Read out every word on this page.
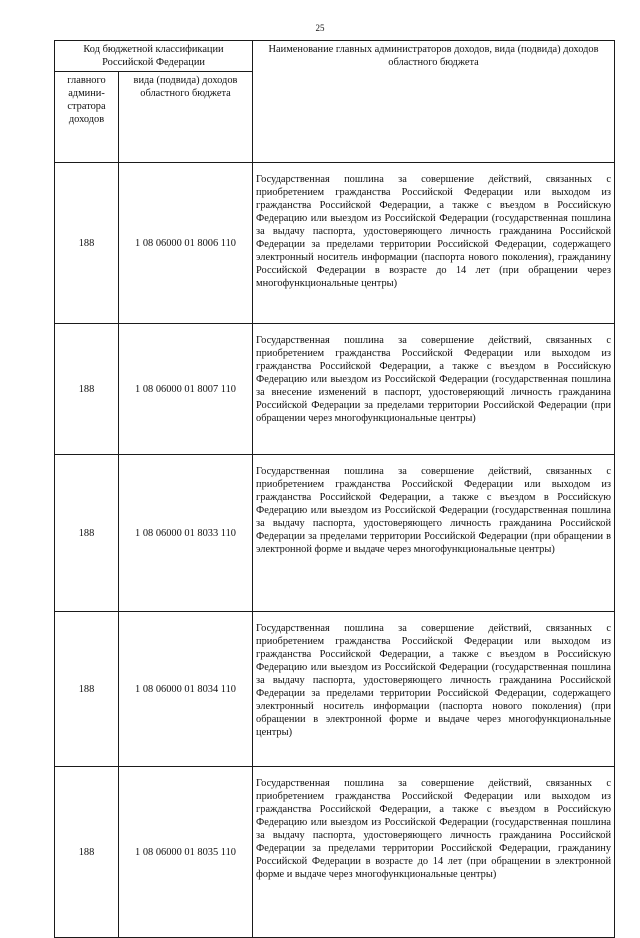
25
Код бюджетной классификации Российской Федерации		Наименование главных администраторов доходов, вида (подвида) доходов областного бюджета
главного админи-стратора доходов	вида (подвида) доходов областного бюджета	
188	1 08 06000 01 8006 110	Государственная пошлина за совершение действий, связанных с приобретением гражданства Российской Федерации или выходом из гражданства Российской Федерации, а также с въездом в Российскую Федерацию или выездом из Российской Федерации (государственная пошлина за выдачу паспорта, удостоверяющего личность гражданина Российской Федерации за пределами территории Российской Федерации, содержащего электронный носитель информации (паспорта нового поколения), гражданину Российской Федерации в возрасте до 14 лет (при обращении через многофункциональные центры)
188	1 08 06000 01 8007 110	Государственная пошлина за совершение действий, связанных с приобретением гражданства Российской Федерации или выходом из гражданства Российской Федерации, а также с въездом в Российскую Федерацию или выездом из Российской Федерации (государственная пошлина за внесение изменений в паспорт, удостоверяющий личность гражданина Российской Федерации за пределами территории Российской Федерации (при обращении через многофункциональные центры)
188	1 08 06000 01 8033 110	Государственная пошлина за совершение действий, связанных с приобретением гражданства Российской Федерации или выходом из гражданства Российской Федерации, а также с въездом в Российскую Федерацию или выездом из Российской Федерации (государственная пошлина за выдачу паспорта, удостоверяющего личность гражданина Российской Федерации за пределами территории Российской Федерации (при обращении в электронной форме и выдаче через многофункциональные центры)
188	1 08 06000 01 8034 110	Государственная пошлина за совершение действий, связанных с приобретением гражданства Российской Федерации или выходом из гражданства Российской Федерации, а также с въездом в Российскую Федерацию или выездом из Российской Федерации (государственная пошлина за выдачу паспорта, удостоверяющего личность гражданина Российской Федерации за пределами территории Российской Федерации, содержащего электронный носитель информации (паспорта нового поколения) (при обращении в электронной форме и выдаче через многофункциональные центры)
188	1 08 06000 01 8035 110	Государственная пошлина за совершение действий, связанных с приобретением гражданства Российской Федерации или выходом из гражданства Российской Федерации, а также с въездом в Российскую Федерацию или выездом из Российской Федерации (государственная пошлина за выдачу паспорта, удостоверяющего личность гражданина Российской Федерации за пределами территории Российской Федерации, гражданину Российской Федерации в возрасте до 14 лет (при обращении в электронной форме и выдаче через многофункциональные центры)
